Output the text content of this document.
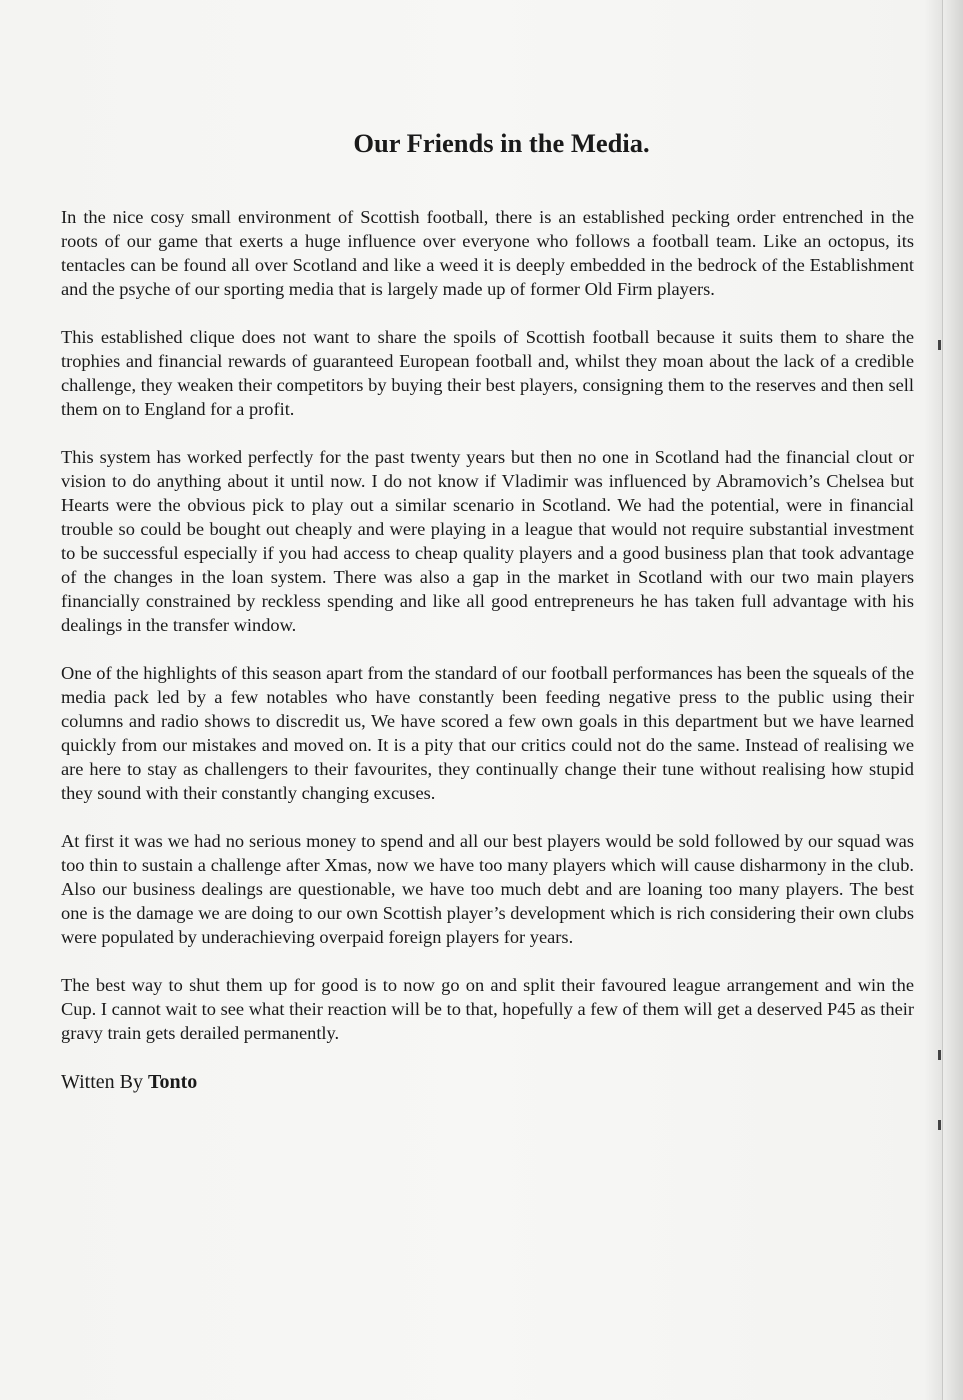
Our Friends in the Media.

In the nice cosy small environment of Scottish football, there is an established pecking order entrenched in the roots of our game that exerts a huge influence over everyone who follows a football team. Like an octopus, its tentacles can be found all over Scotland and like a weed it is deeply embedded in the bedrock of the Establishment and the psyche of our sporting media that is largely made up of former Old Firm players.

This established clique does not want to share the spoils of Scottish football because it suits them to share the trophies and financial rewards of guaranteed European football and, whilst they moan about the lack of a credible challenge, they weaken their competitors by buying their best players, consigning them to the reserves and then sell them on to England for a profit.

This system has worked perfectly for the past twenty years but then no one in Scotland had the financial clout or vision to do anything about it until now. I do not know if Vladimir was influenced by Abramovich’s Chelsea but Hearts were the obvious pick to play out a similar scenario in Scotland. We had the potential, were in financial trouble so could be bought out cheaply and were playing in a league that would not require substantial investment to be successful especially if you had access to cheap quality players and a good business plan that took advantage of the changes in the loan system. There was also a gap in the market in Scotland with our two main players financially constrained by reckless spending and like all good entrepreneurs he has taken full advantage with his dealings in the transfer window.

One of the highlights of this season apart from the standard of our football performances has been the squeals of the media pack led by a few notables who have constantly been feeding negative press to the public using their columns and radio shows to discredit us, We have scored a few own goals in this department but we have learned quickly from our mistakes and moved on. It is a pity that our critics could not do the same. Instead of realising we are here to stay as challengers to their favourites, they continually change their tune without realising how stupid they sound with their constantly changing excuses.

At first it was we had no serious money to spend and all our best players would be sold followed by our squad was too thin to sustain a challenge after Xmas, now we have too many players which will cause disharmony in the club. Also our business dealings are questionable, we have too much debt and are loaning too many players. The best one is the damage we are doing to our own Scottish player’s development which is rich considering their own clubs were populated by underachieving overpaid foreign players for years.

The best way to shut them up for good is to now go on and split their favoured league arrangement and win the Cup. I cannot wait to see what their reaction will be to that, hopefully a few of them will get a deserved P45 as their gravy train gets derailed permanently.

Witten By Tonto
